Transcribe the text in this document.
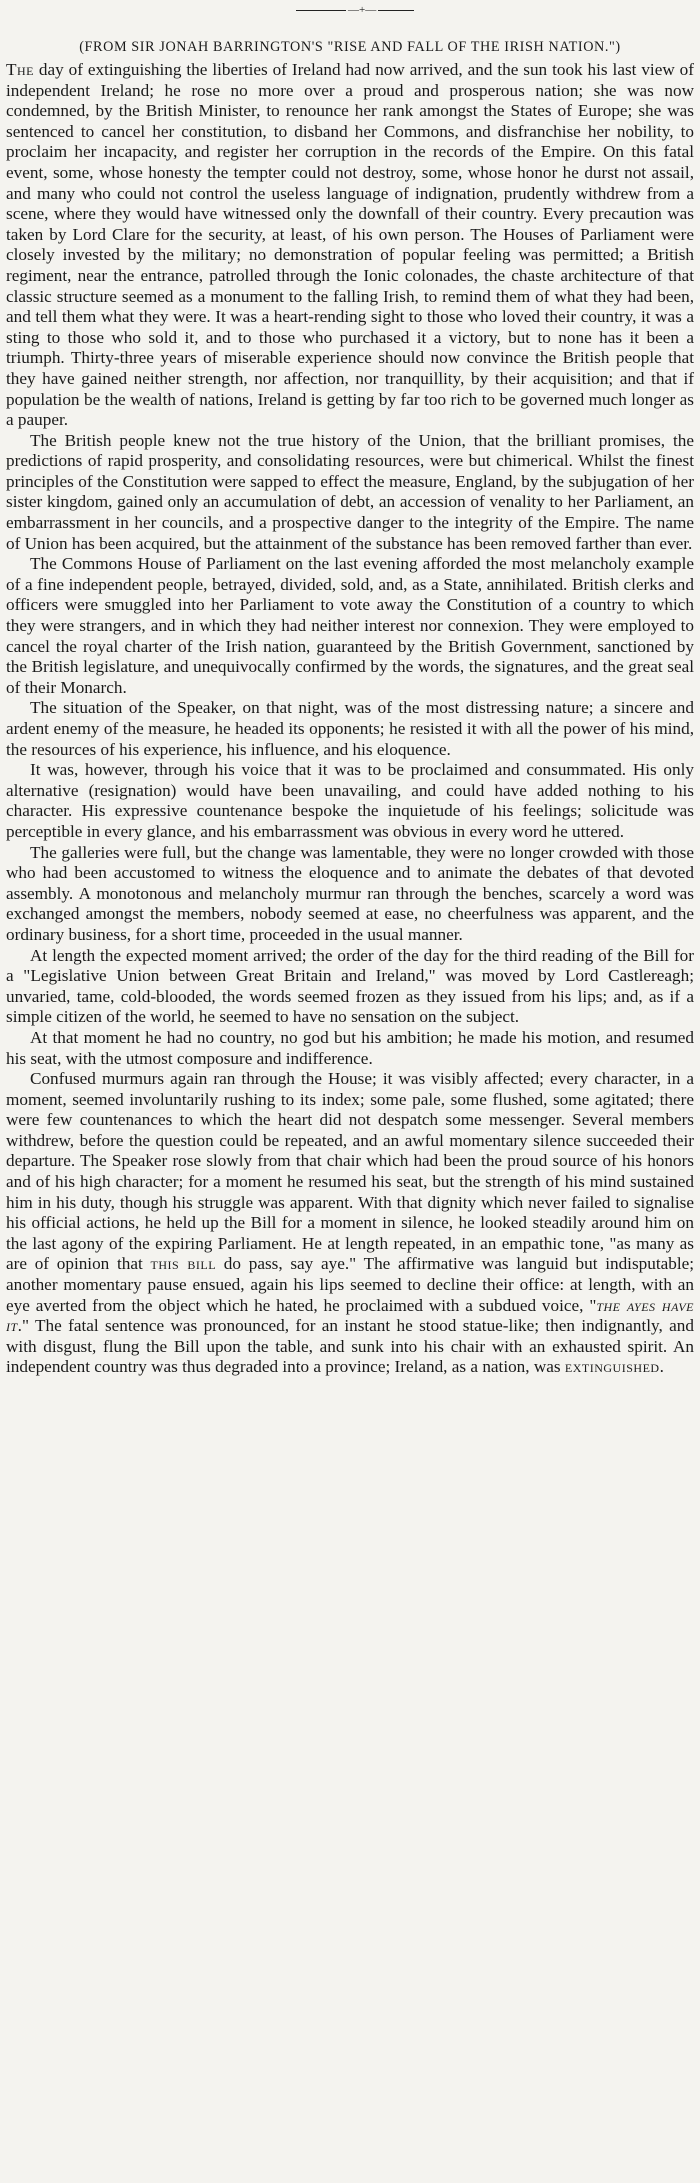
—+—
(FROM SIR JONAH BARRINGTON'S "RISE AND FALL OF THE IRISH NATION.")

The day of extinguishing the liberties of Ireland had now arrived, and the sun took his last view of independent Ireland; he rose no more over a proud and prosperous nation; she was now condemned, by the British Minister, to renounce her rank amongst the States of Europe; she was sentenced to cancel her constitution, to disband her Commons, and disfranchise her nobility, to proclaim her incapacity, and register her corruption in the records of the Empire. On this fatal event, some, whose honesty the tempter could not destroy, some, whose honor he durst not assail, and many who could not control the useless language of indignation, prudently withdrew from a scene, where they would have witnessed only the downfall of their country. Every precaution was taken by Lord Clare for the security, at least, of his own person. The Houses of Parliament were closely invested by the military; no demonstration of popular feeling was permitted; a British regiment, near the entrance, patrolled through the Ionic colonades, the chaste architecture of that classic structure seemed as a monument to the falling Irish, to remind them of what they had been, and tell them what they were. It was a heart-rending sight to those who loved their country, it was a sting to those who sold it, and to those who purchased it a victory, but to none has it been a triumph. Thirty-three years of miserable experience should now convince the British people that they have gained neither strength, nor affection, nor tranquillity, by their acquisition; and that if population be the wealth of nations, Ireland is getting by far too rich to be governed much longer as a pauper.

The British people knew not the true history of the Union, that the brilliant promises, the predictions of rapid prosperity, and consolidating resources, were but chimerical. Whilst the finest principles of the Constitution were sapped to effect the measure, England, by the subjugation of her sister kingdom, gained only an accumulation of debt, an accession of venality to her Parliament, an embarrassment in her councils, and a prospective danger to the integrity of the Empire. The name of Union has been acquired, but the attainment of the substance has been removed farther than ever.

The Commons House of Parliament on the last evening afforded the most melancholy example of a fine independent people, betrayed, divided, sold, and, as a State, annihilated. British clerks and officers were smuggled into her Parliament to vote away the Constitution of a country to which they were strangers, and in which they had neither interest nor connexion. They were employed to cancel the royal charter of the Irish nation, guaranteed by the British Government, sanctioned by the British legislature, and unequivocally confirmed by the words, the signatures, and the great seal of their Monarch.

The situation of the Speaker, on that night, was of the most distressing nature; a sincere and ardent enemy of the measure, he headed its opponents; he resisted it with all the power of his mind, the resources of his experience, his influence, and his eloquence.

It was, however, through his voice that it was to be proclaimed and consummated. His only alternative (resignation) would have been unavailing, and could have added nothing to his character. His expressive countenance bespoke the inquietude of his feelings; solicitude was perceptible in every glance, and his embarrassment was obvious in every word he uttered.

The galleries were full, but the change was lamentable, they were no longer crowded with those who had been accustomed to witness the eloquence and to animate the debates of that devoted assembly. A monotonous and melancholy murmur ran through the benches, scarcely a word was exchanged amongst the members, nobody seemed at ease, no cheerfulness was apparent, and the ordinary business, for a short time, proceeded in the usual manner.

At length the expected moment arrived; the order of the day for the third reading of the Bill for a "Legislative Union between Great Britain and Ireland," was moved by Lord Castlereagh; unvaried, tame, cold-blooded, the words seemed frozen as they issued from his lips; and, as if a simple citizen of the world, he seemed to have no sensation on the subject.

At that moment he had no country, no god but his ambition; he made his motion, and resumed his seat, with the utmost composure and indifference.

Confused murmurs again ran through the House; it was visibly affected; every character, in a moment, seemed involuntarily rushing to its index; some pale, some flushed, some agitated; there were few countenances to which the heart did not despatch some messenger. Several members withdrew, before the question could be repeated, and an awful momentary silence succeeded their departure. The Speaker rose slowly from that chair which had been the proud source of his honors and of his high character; for a moment he resumed his seat, but the strength of his mind sustained him in his duty, though his struggle was apparent. With that dignity which never failed to signalise his official actions, he held up the Bill for a moment in silence, he looked steadily around him on the last agony of the expiring Parliament. He at length repeated, in an empathic tone, "as many as are of opinion that this bill do pass, say aye." The affirmative was languid but indisputable; another momentary pause ensued, again his lips seemed to decline their office: at length, with an eye averted from the object which he hated, he proclaimed with a subdued voice, "the ayes have it." The fatal sentence was pronounced, for an instant he stood statue-like; then indignantly, and with disgust, flung the Bill upon the table, and sunk into his chair with an exhausted spirit. An independent country was thus degraded into a province; Ireland, as a nation, was extinguished.
